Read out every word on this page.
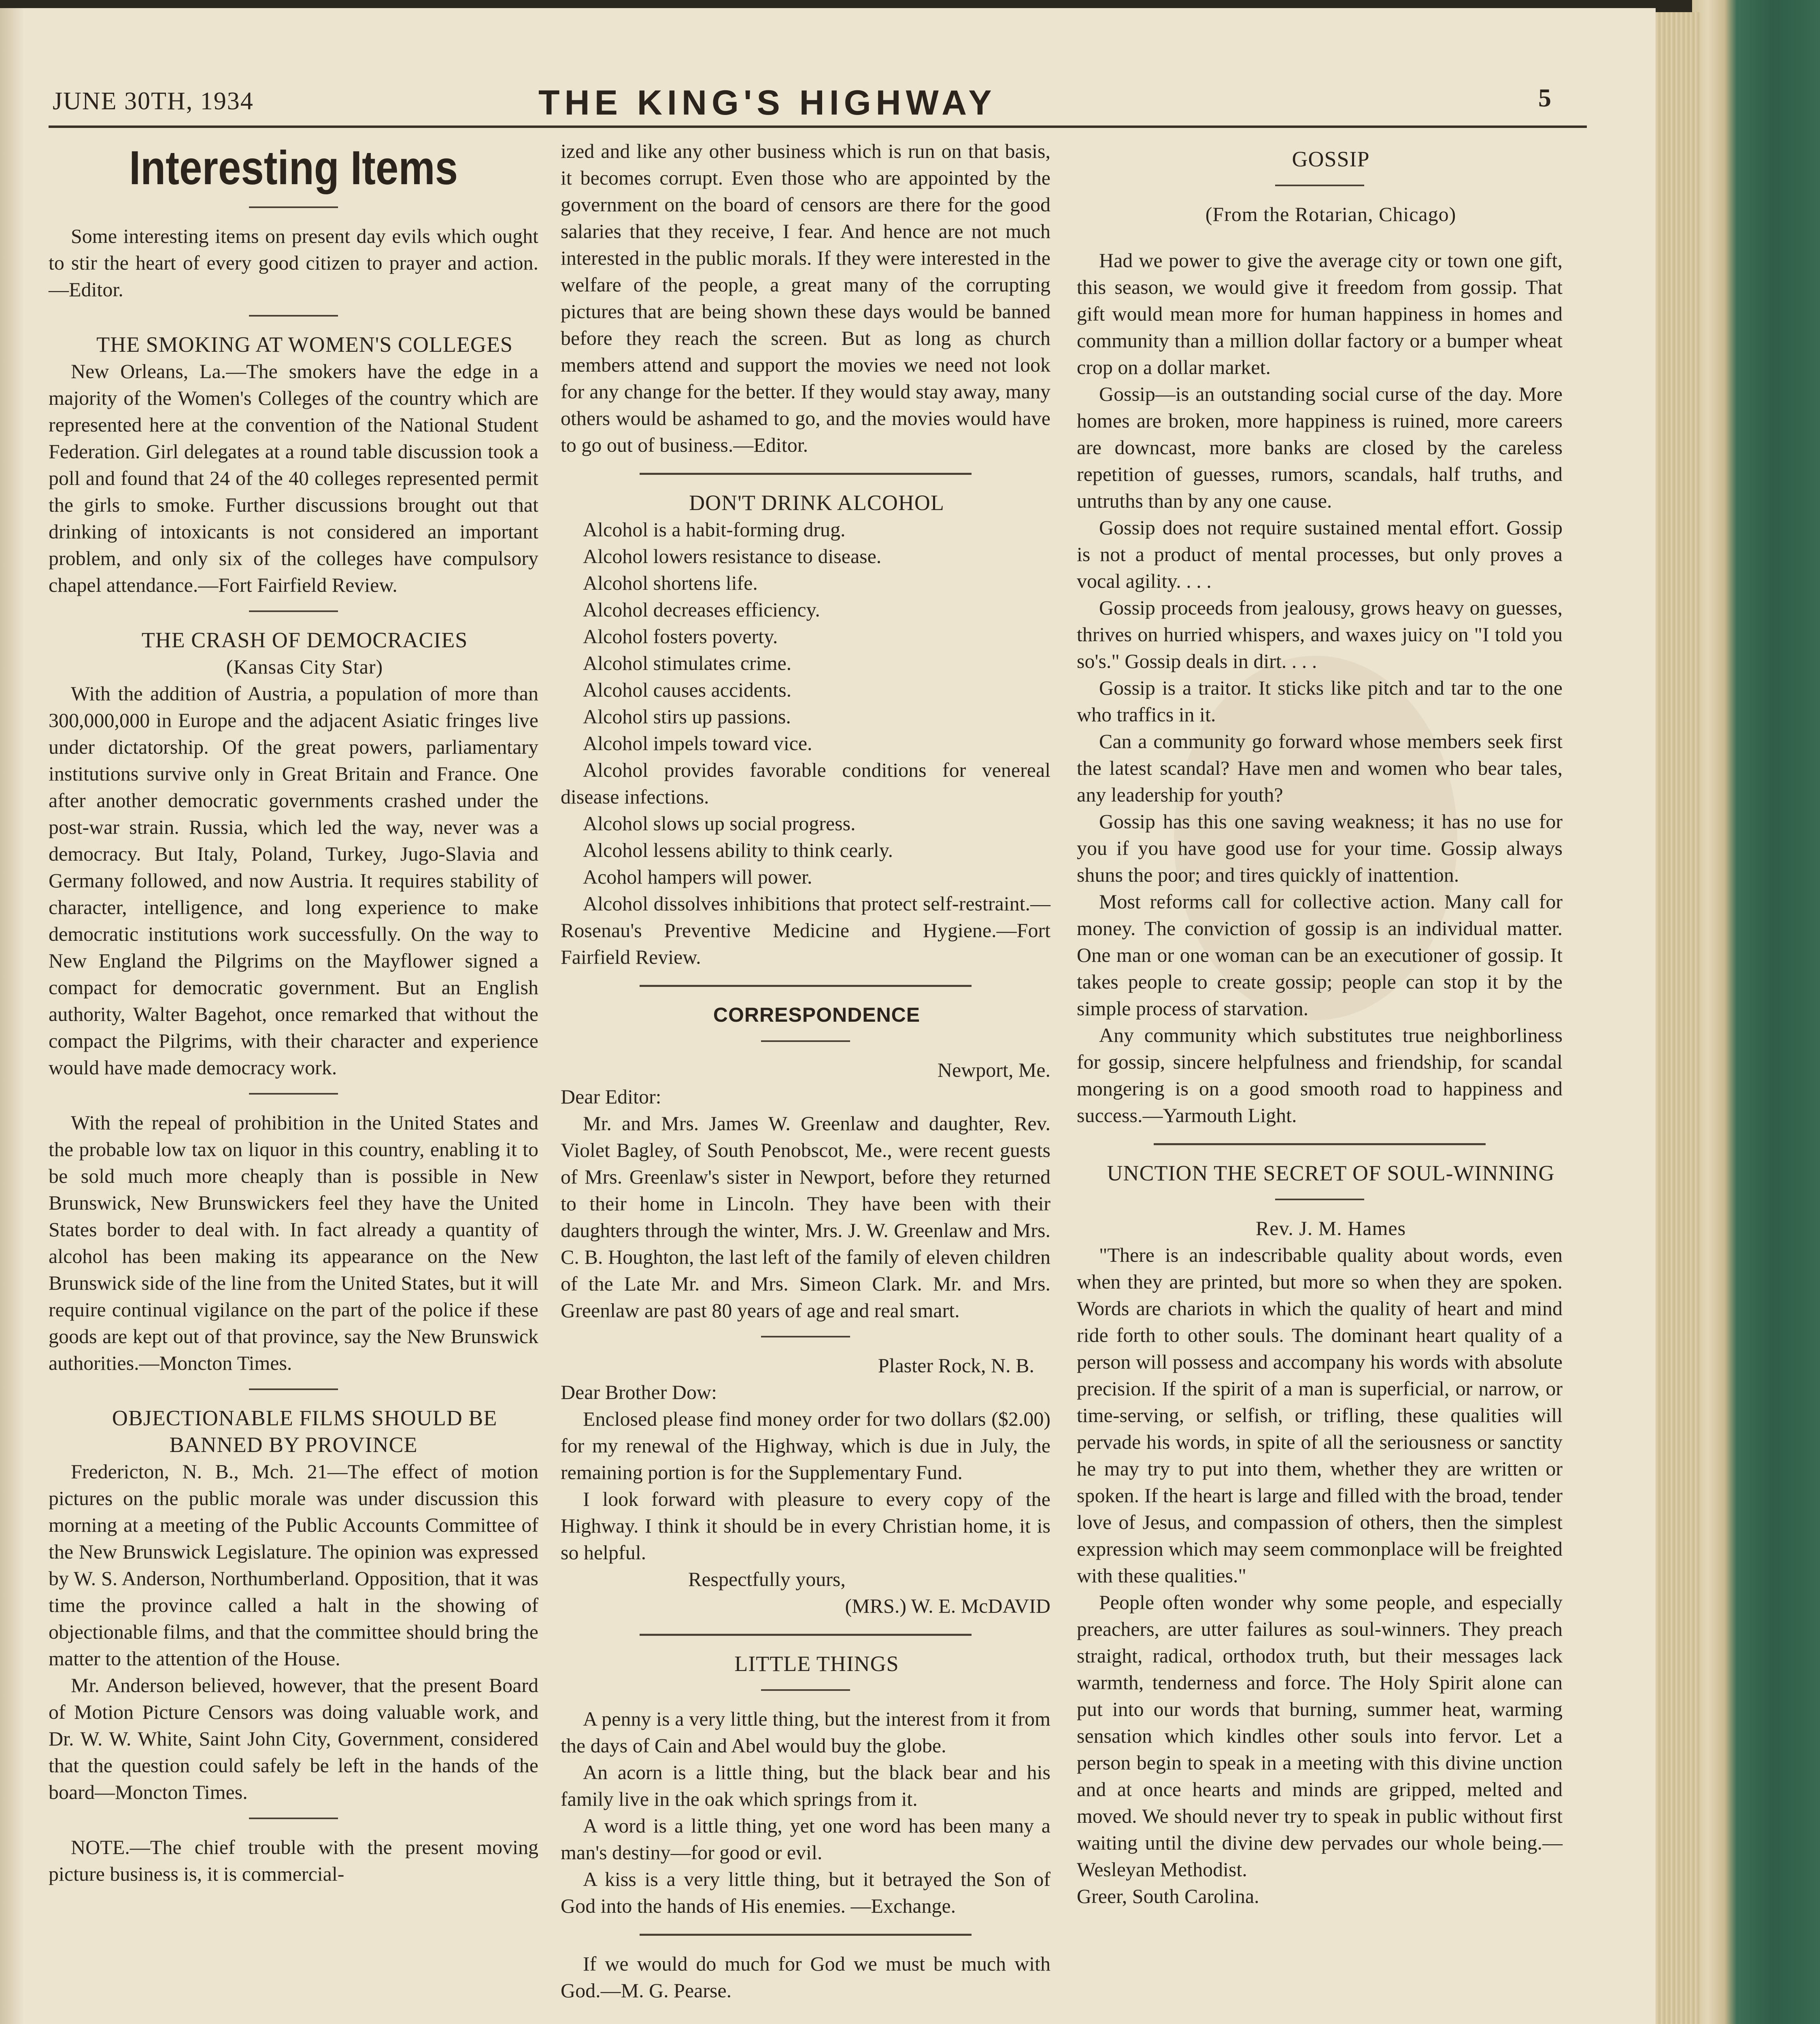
JUNE 30TH, 1934	THE KING'S HIGHWAY	5
Interesting Items

Some interesting items on present day evils which ought to stir the heart of every good citizen to prayer and action.—Editor.

THE SMOKING AT WOMEN'S COLLEGES

New Orleans, La.—The smokers have the edge in a majority of the Women's Colleges of the country which are represented here at the convention of the National Student Federation. Girl delegates at a round table discussion took a poll and found that 24 of the 40 colleges represented permit the girls to smoke. Further discussions brought out that drinking of intoxicants is not considered an important problem, and only six of the colleges have compulsory chapel attendance.—Fort Fairfield Review.

THE CRASH OF DEMOCRACIES

(Kansas City Star)

With the addition of Austria, a population of more than 300,000,000 in Europe and the adjacent Asiatic fringes live under dictatorship. Of the great powers, parliamentary institutions survive only in Great Britain and France. One after another democratic governments crashed under the post-war strain. Russia, which led the way, never was a democracy. But Italy, Poland, Turkey, Jugo-Slavia and Germany followed, and now Austria. It requires stability of character, intelligence, and long experience to make democratic institutions work successfully. On the way to New England the Pilgrims on the Mayflower signed a compact for democratic government. But an English authority, Walter Bagehot, once remarked that without the compact the Pilgrims, with their character and experience would have made democracy work.

With the repeal of prohibition in the United States and the probable low tax on liquor in this country, enabling it to be sold much more cheaply than is possible in New Brunswick, New Brunswickers feel they have the United States border to deal with. In fact already a quantity of alcohol has been making its appearance on the New Brunswick side of the line from the United States, but it will require continual vigilance on the part of the police if these goods are kept out of that province, say the New Brunswick authorities.—Moncton Times.

OBJECTIONABLE FILMS SHOULD BE BANNED BY PROVINCE

Fredericton, N. B., Mch. 21—The effect of motion pictures on the public morale was under discussion this morning at a meeting of the Public Accounts Committee of the New Brunswick Legislature. The opinion was expressed by W. S. Anderson, Northumberland. Opposition, that it was time the province called a halt in the showing of objectionable films, and that the committee should bring the matter to the attention of the House.

Mr. Anderson believed, however, that the present Board of Motion Picture Censors was doing valuable work, and Dr. W. W. White, Saint John City, Government, considered that the question could safely be left in the hands of the board—Moncton Times.

NOTE.—The chief trouble with the present moving picture business is, it is commercial-

ized and like any other business which is run on that basis, it becomes corrupt. Even those who are appointed by the government on the board of censors are there for the good salaries that they receive, I fear. And hence are not much interested in the public morals. If they were interested in the welfare of the people, a great many of the corrupting pictures that are being shown these days would be banned before they reach the screen. But as long as church members attend and support the movies we need not look for any change for the better. If they would stay away, many others would be ashamed to go, and the movies would have to go out of business.—Editor.

DON'T DRINK ALCOHOL

Alcohol is a habit-forming drug.

Alcohol lowers resistance to disease.

Alcohol shortens life.

Alcohol decreases efficiency.

Alcohol fosters poverty.

Alcohol stimulates crime.

Alcohol causes accidents.

Alcohol stirs up passions.

Alcohol impels toward vice.

Alcohol provides favorable conditions for venereal disease infections.

Alcohol slows up social progress.

Alcohol lessens ability to think cearly.

Acohol hampers will power.

Alcohol dissolves inhibitions that protect self-restraint.—Rosenau's Preventive Medicine and Hygiene.—Fort Fairfield Review.

CORRESPONDENCE

Newport, Me.

Dear Editor:

Mr. and Mrs. James W. Greenlaw and daughter, Rev. Violet Bagley, of South Penobscot, Me., were recent guests of Mrs. Greenlaw's sister in Newport, before they returned to their home in Lincoln. They have been with their daughters through the winter, Mrs. J. W. Greenlaw and Mrs. C. B. Houghton, the last left of the family of eleven children of the Late Mr. and Mrs. Simeon Clark. Mr. and Mrs. Greenlaw are past 80 years of age and real smart.

Plaster Rock, N. B.

Dear Brother Dow:

Enclosed please find money order for two dollars ($2.00) for my renewal of the Highway, which is due in July, the remaining portion is for the Supplementary Fund.

I look forward with pleasure to every copy of the Highway. I think it should be in every Christian home, it is so helpful.

Respectfully yours,

(MRS.) W. E. McDAVID

LITTLE THINGS

A penny is a very little thing, but the interest from it from the days of Cain and Abel would buy the globe.

An acorn is a little thing, but the black bear and his family live in the oak which springs from it.

A word is a little thing, yet one word has been many a man's destiny—for good or evil.

A kiss is a very little thing, but it betrayed the Son of God into the hands of His enemies. —Exchange.

If we would do much for God we must be much with God.—M. G. Pearse.

GOSSIP

(From the Rotarian, Chicago)

Had we power to give the average city or town one gift, this season, we would give it freedom from gossip. That gift would mean more for human happiness in homes and community than a million dollar factory or a bumper wheat crop on a dollar market.

Gossip—is an outstanding social curse of the day. More homes are broken, more happiness is ruined, more careers are downcast, more banks are closed by the careless repetition of guesses, rumors, scandals, half truths, and untruths than by any one cause.

Gossip does not require sustained mental effort. Gossip is not a product of mental processes, but only proves a vocal agility. . . .

Gossip proceeds from jealousy, grows heavy on guesses, thrives on hurried whispers, and waxes juicy on "I told you so's." Gossip deals in dirt. . . .

Gossip is a traitor. It sticks like pitch and tar to the one who traffics in it.

Can a community go forward whose members seek first the latest scandal? Have men and women who bear tales, any leadership for youth?

Gossip has this one saving weakness; it has no use for you if you have good use for your time. Gossip always shuns the poor; and tires quickly of inattention.

Most reforms call for collective action. Many call for money. The conviction of gossip is an individual matter. One man or one woman can be an executioner of gossip. It takes people to create gossip; people can stop it by the simple process of starvation.

Any community which substitutes true neighborliness for gossip, sincere helpfulness and friendship, for scandal mongering is on a good smooth road to happiness and success.—Yarmouth Light.

UNCTION THE SECRET OF SOUL-WINNING

Rev. J. M. Hames

"There is an indescribable quality about words, even when they are printed, but more so when they are spoken. Words are chariots in which the quality of heart and mind ride forth to other souls. The dominant heart quality of a person will possess and accompany his words with absolute precision. If the spirit of a man is superficial, or narrow, or time-serving, or selfish, or trifling, these qualities will pervade his words, in spite of all the seriousness or sanctity he may try to put into them, whether they are written or spoken. If the heart is large and filled with the broad, tender love of Jesus, and compassion of others, then the simplest expression which may seem commonplace will be freighted with these qualities."

People often wonder why some people, and especially preachers, are utter failures as soul-winners. They preach straight, radical, orthodox truth, but their messages lack warmth, tenderness and force. The Holy Spirit alone can put into our words that burning, summer heat, warming sensation which kindles other souls into fervor. Let a person begin to speak in a meeting with this divine unction and at once hearts and minds are gripped, melted and moved. We should never try to speak in public without first waiting until the divine dew pervades our whole being.—Wesleyan Methodist.

Greer, South Carolina.
